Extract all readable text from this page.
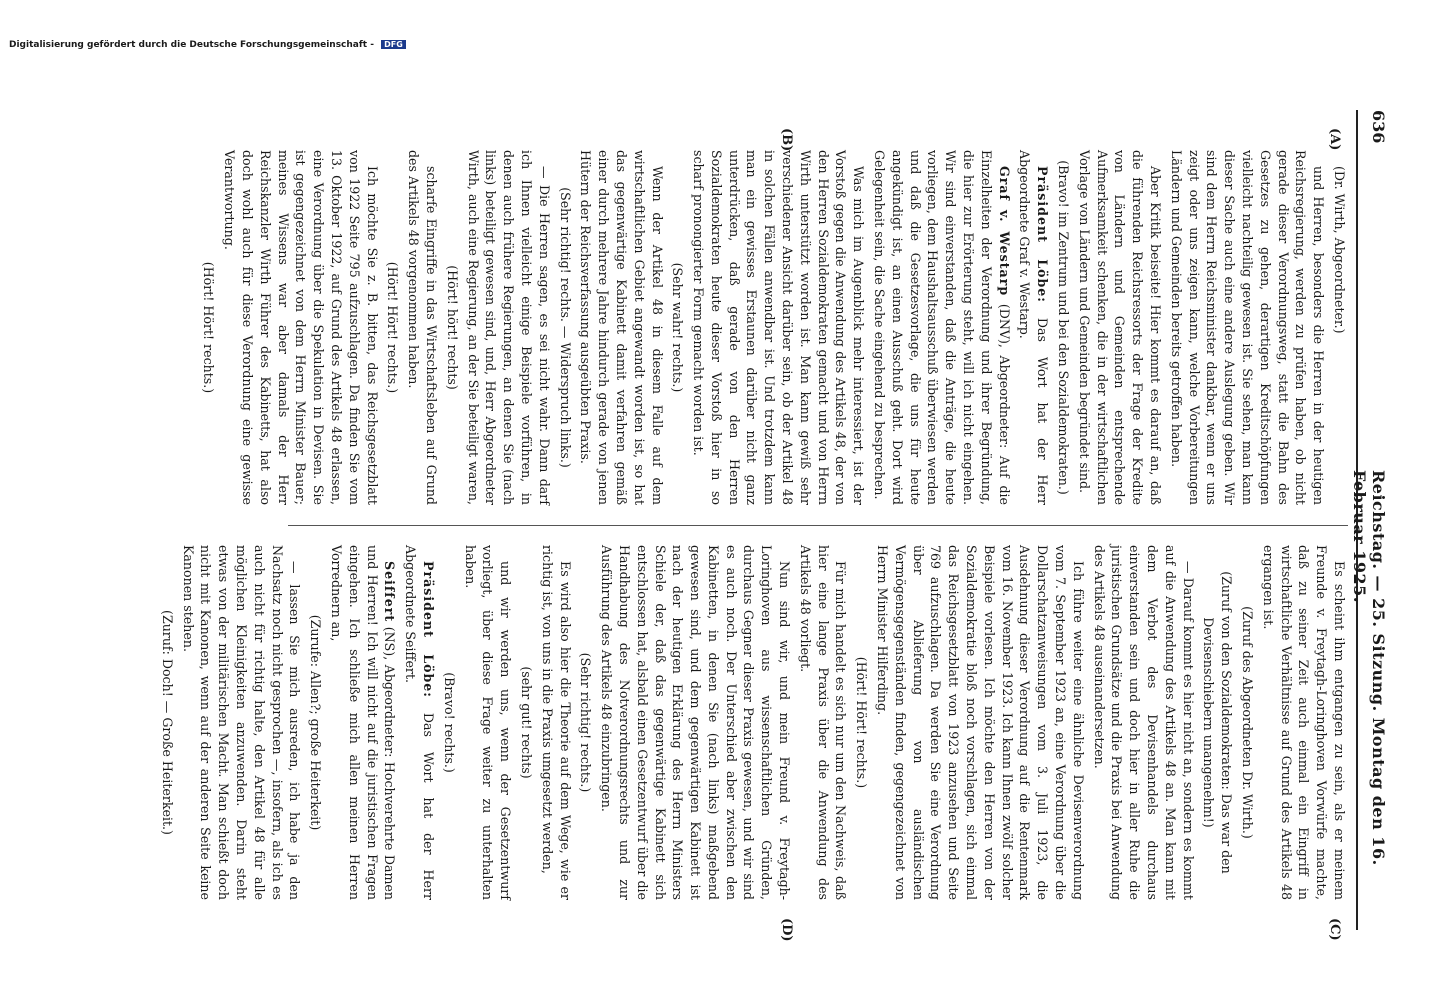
636
Reichstag. — 25. Sitzung. Montag den 16. Februar 1925.
(A)
(B)
(C)
(D)

(Dr. Wirth, Abgeordneter.)

und Herren, besonders die Herren in der heutigen Reichsregierung, werden zu prüfen haben, ob nicht gerade dieser Verordnungsweg, statt die Bahn des Gesetzes zu gehen, derartigen Kreditschöpfungen vielleicht nachteilig gewesen ist. Sie sehen, man kann dieser Sache auch eine andere Auslegung geben. Wir sind dem Herrn Reichsminister dankbar, wenn er uns zeigt oder uns zeigen kann, welche Vorbereitungen Ländern und Gemeinden bereits getroffen haben.

Aber Kritik beiseite! Hier kommt es darauf an, daß die führenden Reichsressorts der Frage der Kredite von Ländern und Gemeinden entsprechende Aufmerksamkeit schenken, die in der wirtschaftlichen Vorlage von Ländern und Gemeinden begründet sind.

(Bravo! im Zentrum und bei den Sozialdemokraten.)

Präsident Löbe: Das Wort hat der Herr Abgeordnete Graf v. Westarp.

Graf v. Westarp (DNV), Abgeordneter: Auf die Einzelheiten der Verordnung und ihrer Begründung, die hier zur Erörterung steht, will ich nicht eingehen. Wir sind einverstanden, daß die Anträge, die heute vorliegen, dem Haushaltsausschuß überwiesen werden und daß die Gesetzesvorlage, die uns für heute angekündigt ist, an einen Ausschuß geht. Dort wird Gelegenheit sein, die Sache eingehend zu besprechen.

Was mich im Augenblick mehr interessiert, ist der Vorstoß gegen die Anwendung des Artikels 48, der von den Herren Sozialdemokraten gemacht und von Herrn Wirth unterstützt worden ist. Man kann gewiß sehr verschiedener Ansicht darüber sein, ob der Artikel 48 in solchen Fällen anwendbar ist. Und trotzdem kann man ein gewisses Erstaunen darüber nicht ganz unterdrücken, daß gerade von den Herren Sozialdemokraten heute dieser Vorstoß hier in so scharf pronongierter Form gemacht worden ist.

(Sehr wahr! rechts.)

Wenn der Artikel 48 in diesem Falle auf dem wirtschaftlichen Gebiet angewandt worden ist, so hat das gegenwärtige Kabinett damit verfahren gemäß einer durch mehrere Jahre hindurch gerade von jenen Hütern der Reichsverfassung ausgeübten Praxis.

(Sehr richtig! rechts. — Widerspruch links.)

— Die Herren sagen, es sei nicht wahr. Dann darf ich Ihnen vielleicht einige Beispiele vorführen, in denen auch frühere Regierungen, an denen Sie (nach links) beteiligt gewesen sind, und, Herr Abgeordneter Wirth, auch eine Regierung, an der Sie beteiligt waren,

(Hört! hört! rechts)

scharfe Eingriffe in das Wirtschaftsleben auf Grund des Artikels 48 vorgenommen haben.

(Hört! Hört! rechts.)

Ich möchte Sie z. B. bitten, das Reichsgesetzblatt von 1922 Seite 795 aufzuschlagen. Da finden Sie vom 13. Oktober 1922, auf Grund des Artikels 48 erlassen, eine Verordnung über die Spekulation in Devisen. Sie ist gegengezeichnet von dem Herrn Minister Bauer; meines Wissens war aber damals der Herr Reichskanzler Wirth Führer des Kabinetts, hat also doch wohl auch für diese Verordnung eine gewisse Verantwortung.

(Hört! Hört! rechts.)

Es scheint ihm entgangen zu sein, als er meinem Freunde v. Freytagh-Loringhoven Vorwürfe machte, daß zu seiner Zeit auch einmal ein Eingriff in wirtschaftliche Verhältnisse auf Grund des Artikels 48 ergangen ist.

(Zuruf des Abgeordneten Dr. Wirth.)

(Zuruf von den Sozialdemokraten: Das war den Devisenschiebern unangenehm!)

— Darauf kommt es hier nicht an, sondern es kommt auf die Anwendung des Artikels 48 an. Man kann mit dem Verbot des Devisenhandels durchaus einverstanden sein und doch hier in aller Ruhe die juristischen Grundsätze und die Praxis bei Anwendung des Artikels 48 auseinandersetzen.

Ich führe weiter eine ähnliche Devisenverordnung vom 7. September 1923 an, eine Verordnung über die Dollarschatzanweisungen vom 3. Juli 1923, die Ausdehnung dieser Verordnung auf die Rentenmark vom 16. November 1923. Ich kann Ihnen zwölf solcher Beispiele vorlesen. Ich möchte den Herren von der Sozialdemokratie bloß noch vorschlagen, sich einmal das Reichsgesetzblatt von 1923 anzusehen und Seite 769 aufzuschlagen. Da werden Sie eine Verordnung über Ablieferung von ausländischen Vermögensgegenständen finden, gegengezeichnet von Herrn Minister Hilferding.

(Hört! Hört! rechts.)

Für mich handelt es sich nur um den Nachweis, daß hier eine lange Praxis über die Anwendung des Artikels 48 vorliegt.

Nun sind wir, und mein Freund v. Freytagh-Loringhoven aus wissenschaftlichen Gründen, durchaus Gegner dieser Praxis gewesen, und wir sind es auch noch. Der Unterschied aber zwischen den Kabinetten, in denen Sie (nach links) maßgebend gewesen sind, und dem gegenwärtigen Kabinett ist nach der heutigen Erklärung des Herrn Ministers Schiele der, daß das gegenwärtige Kabinett sich entschlossen hat, alsbald einen Gesetzentwurf über die Handhabung des Notverordnungsrechts und zur Ausführung des Artikels 48 einzubringen.

(Sehr richtig! rechts.)

Es wird also hier die Theorie auf dem Wege, wie er richtig ist, von uns in die Praxis umgesetzt werden,

(sehr gut! rechts)

und wir werden uns, wenn der Gesetzentwurf vorliegt, über diese Frage weiter zu unterhalten haben.

(Bravo! rechts.)

Präsident Löbe: Das Wort hat der Herr Abgeordnete Seiffert.

Seiffert (NS), Abgeordneter: Hochverehrte Damen und Herren! Ich will nicht auf die juristischen Fragen eingehen. Ich schließe mich allen meinen Herren Vorrednern an,

(Zurufe: Allen?; große Heiterkeit)

— lassen Sie mich ausreden, ich habe ja den Nachsatz noch nicht gesprochen —, insofern, als ich es auch nicht für richtig halte, den Artikel 48 für alle möglichen Kleinigkeiten anzuwenden. Darin steht etwas von der militärischen Macht. Man schießt doch nicht mit Kanonen, wenn auf der anderen Seite keine Kanonen stehen.

(Zuruf: Doch! — Große Heiterkeit.)

Digitalisierung gefördert durch die Deutsche Forschungsgemeinschaft - DFG
